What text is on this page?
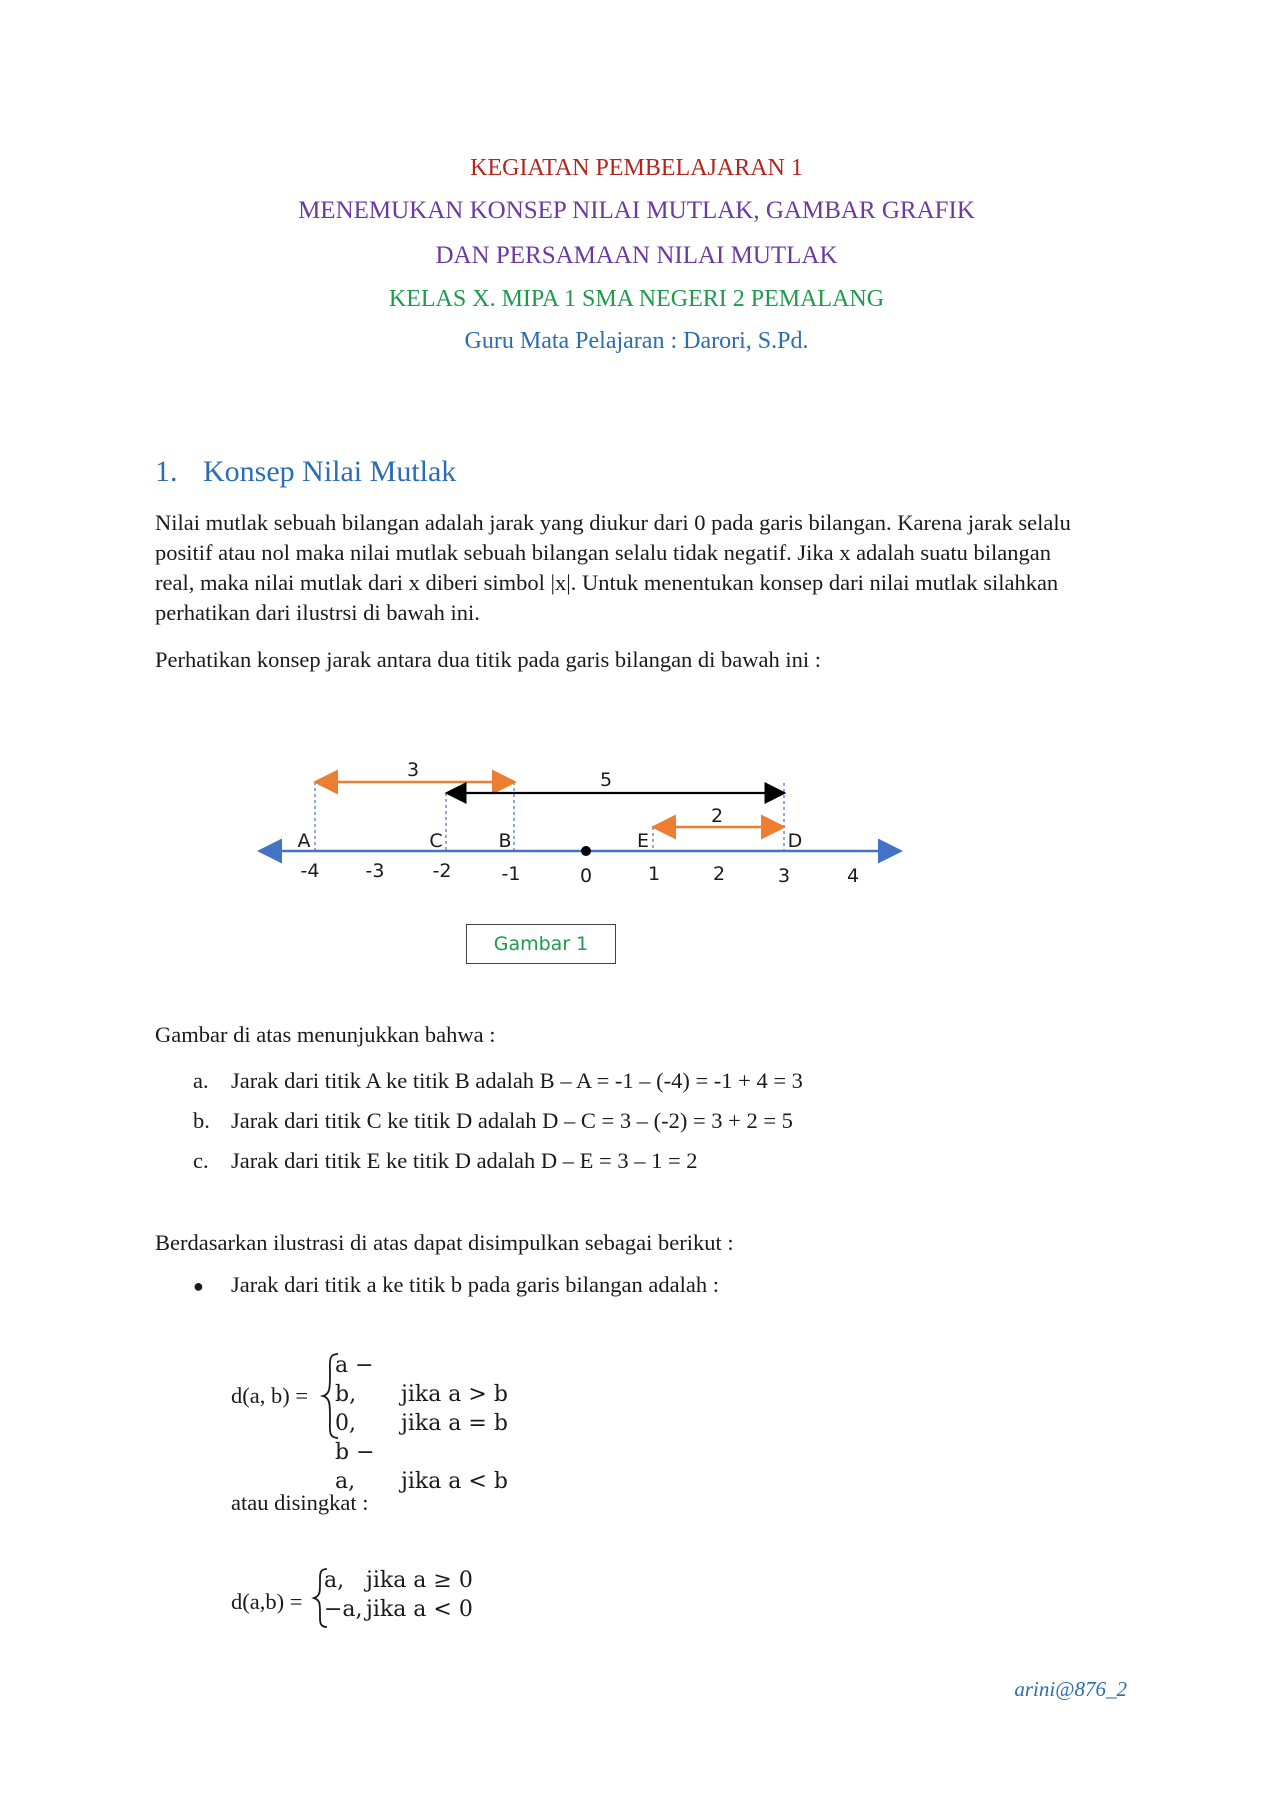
KEGIATAN PEMBELAJARAN 1
MENEMUKAN KONSEP NILAI MUTLAK, GAMBAR GRAFIK
DAN PERSAMAAN NILAI MUTLAK
KELAS X. MIPA 1 SMA NEGERI 2 PEMALANG
Guru Mata Pelajaran : Darori, S.Pd.
1. Konsep Nilai Mutlak
Nilai mutlak sebuah bilangan adalah jarak yang diukur dari 0 pada garis bilangan. Karena jarak selalu
positif atau nol maka nilai mutlak sebuah bilangan selalu tidak negatif. Jika x adalah suatu bilangan
real, maka nilai mutlak dari x diberi simbol |x|. Untuk menentukan konsep dari nilai mutlak silahkan
perhatikan dari ilustrsi di bawah ini.
Perhatikan konsep jarak antara dua titik pada garis bilangan di bawah ini :
3	5
2
A	C	B	E	D
-4 -3	-2	-1	0	1	2	3	4
Gambar 1
Gambar di atas menunjukkan bahwa :
a. Jarak dari titik A ke titik B adalah B – A = -1 – (-4) = -1 + 4 = 3
b. Jarak dari titik C ke titik D adalah D – C = 3 – (-2) = 3 + 2 = 5
c. Jarak dari titik E ke titik D adalah D – E = 3 – 1 = 2
Berdasarkan ilustrasi di atas dapat disimpulkan sebagai berikut :
● Jarak dari titik a ke titik b pada garis bilangan adalah :
d(a, b) =
a − b, jika a > b
0, jika a = b
b − a, jika a < b
atau disingkat :
d(a,b) =
a, jika a ≥ 0
−a, jika a < 0
arini@876_2
